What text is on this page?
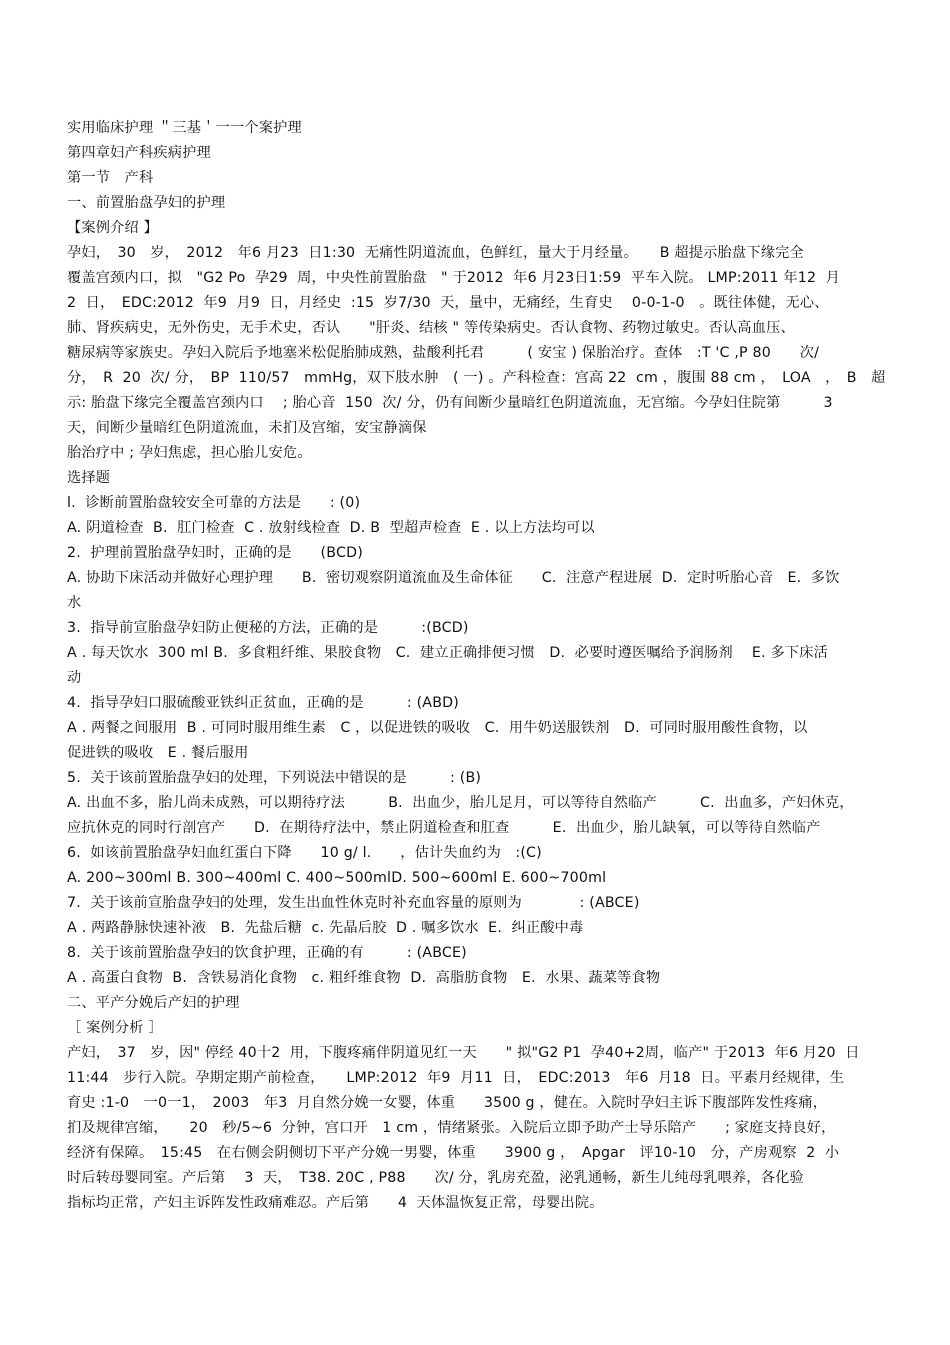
实用临床护理 ＂三基＇一一个案护理
第四章妇产科疾病护理
第一节　产科
一、前置胎盘孕妇的护理
【案例介绍 】
孕妇，　30　岁，　2012　年6 月23  日1:30  无痛性阴道流血，色鲜红，量大于月经量。　　B 超提示胎盘下缘完全
覆盖宫颈内口，拟　"G2 Po  孕29  周，中央性前置胎盘　" 于2012  年6 月23日1:59  平车入院。 LMP:2011 年12  月
2  日，　EDC:2012  年9  月9  日，月经史  :15  岁7/30  天，量中，无痛经，生育史　 0-0-1-0　。既往体健，无心、
肺、肾疾病史，无外伤史，无手术史，否认　　"肝炎、结核 " 等传染病史。否认食物、药物过敏史。否认高血压、
糖尿病等家族史。孕妇入院后予地塞米松促胎肺成熟，盐酸利托君　　　( 安宝 ) 保胎治疗。查体　:T 'C ,P 80　　次/
分，　R  20  次/ 分，　BP  110/57　mmHg，双下肢水肿　( 一) 。产科检查：宫高 22  cm ，腹围 88 cm ，　LOA　，　B　超
示: 胎盘下缘完全覆盖宫颈内口　 ; 胎心音  150  次/ 分，仍有间断少量暗红色阴道流血，无宫缩。今孕妇住院第　　　3
天，间断少量暗红色阴道流血，未扪及宫缩，安宝静滴保
胎治疗中 ; 孕妇焦虑，担心胎儿安危。
选择题
l.  诊断前置胎盘较安全可靠的方法是　　: (0)
A. 阴道检查  B.  肛门检查  C . 放射线检查  D. B  型超声检查  E . 以上方法均可以
2.  护理前置胎盘孕妇时，正确的是　　(BCD)
A. 协助下床活动并做好心理护理　　B.  密切观察阴道流血及生命体征　　C.  注意产程进展  D.  定时听胎心音   E.  多饮
水
3.  指导前宣胎盘孕妇防止便秘的方法，正确的是　　　:(BCD)
A . 每天饮水  300 ml B.  多食粗纤维、果胶食物　C.  建立正确排便习惯　D.  必要时遵医嘱给予润肠剂　 E. 多下床活
动
4.  指导孕妇口服硫酸亚铁纠正贫血，正确的是　　　: (ABD)
A . 两餐之间服用  B . 可同时服用维生素　C ，以促进铁的吸收　C.  用牛奶送服铁剂　D.  可同时服用酸性食物，以
促进铁的吸收　E . 餐后服用
5.  关于该前置胎盘孕妇的处理，下列说法中错误的是　　　: (B)
A. 出血不多，胎儿尚未成熟，可以期待疗法　　　B.  出血少，胎儿足月，可以等待自然临产　　　C.  出血多，产妇休克，
应抗休克的同时行剖宫产　　D.  在期待疗法中，禁止阴道检查和肛查　　　E.  出血少，胎儿缺氧，可以等待自然临产
6.  如该前置胎盘孕妇血红蛋白下降　　10 g/ l.　　，估计失血约为　:(C)
A. 200~300ml B. 300~400ml C. 400~500mlD. 500~600ml E. 600~700ml
7.  关于该前宣胎盘孕妇的处理，发生出血性休克时补充血容量的原则为　　　　: (ABCE)
A . 两路静脉快速补液　B.  先盐后糖  c. 先晶后胶  D . 嘱多饮水  E.  纠正酸中毒
8.  关于该前置胎盘孕妇的饮食护理，正确的有　　　: (ABCE)
A . 高蛋白食物  B.  含铁易消化食物　c. 粗纤维食物  D.  高脂肪食物　E.  水果、蔬菜等食物
二、平产分娩后产妇的护理
［ 案例分析 ］
产妇，　37　岁，因" 停经 40十2  用，下腹疼痛伴阴道见红一天　　" 拟"G2 P1  孕40+2周，临产" 于2013  年6 月20  日
11:44　步行入院。孕期定期产前检查，　　LMP:2012  年9  月11  日，　EDC:2013　年6  月18  日。平素月经规律，生
育史 :1-0　一0一1，　2003　年3  月自然分娩一女婴，体重　　3500 g ，健在。入院时孕妇主诉下腹部阵发性疼痛，
扪及规律宫缩，　　20　秒/5~6  分钟，宫口开　1 cm ，情绪紧张。入院后立即予助产士导乐陪产　　; 家庭支持良好，
经济有保障。　15:45　在右侧会阴侧切下平产分娩一男婴，体重　　3900 g ，　Apgar　评10-10　分，产房观察  2  小
时后转母婴同室。产后第　 3  天，　T38. 20C , P88　　次/ 分，乳房充盈，泌乳通畅，新生儿纯母乳喂养，各化验
指标均正常，产妇主诉阵发性政痛难忍。产后第　　4  天体温恢复正常，母婴出院。
